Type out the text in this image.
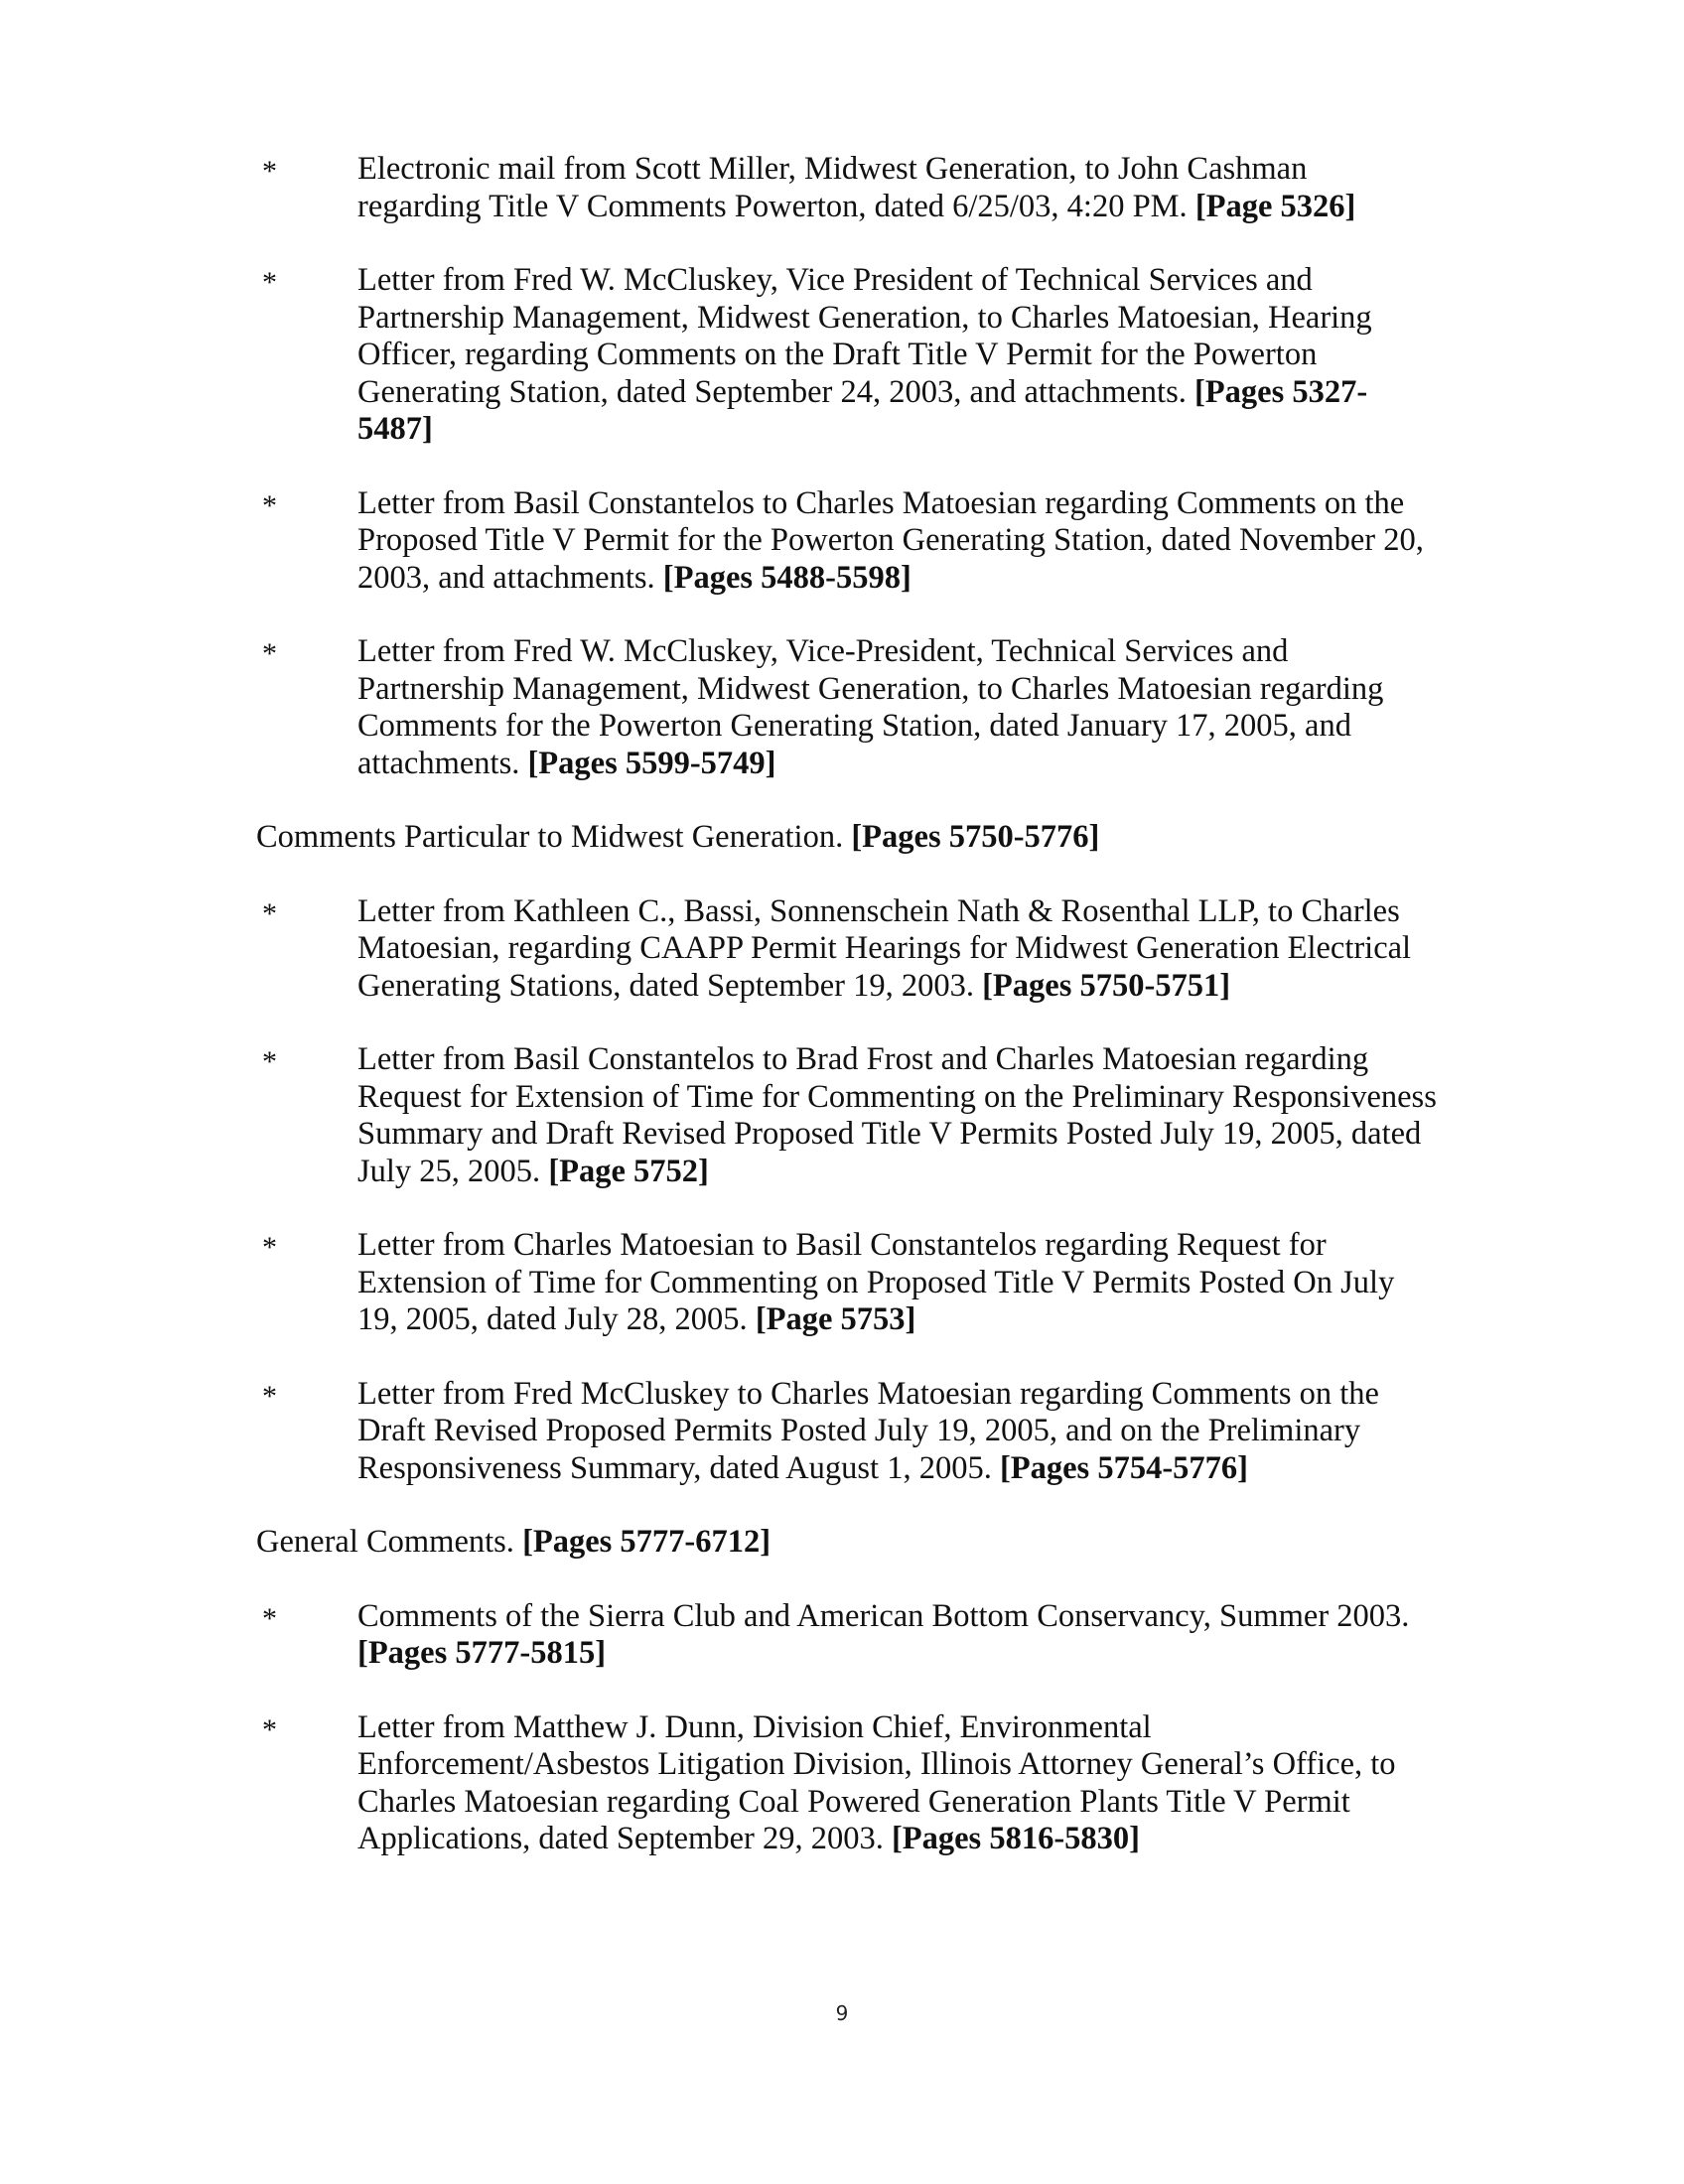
* Electronic mail from Scott Miller, Midwest Generation, to John Cashman regarding Title V Comments Powerton, dated 6/25/03, 4:20 PM. [Page 5326]
* Letter from Fred W. McCluskey, Vice President of Technical Services and Partnership Management, Midwest Generation, to Charles Matoesian, Hearing Officer, regarding Comments on the Draft Title V Permit for the Powerton Generating Station, dated September 24, 2003, and attachments. [Pages 5327-5487]
* Letter from Basil Constantelos to Charles Matoesian regarding Comments on the Proposed Title V Permit for the Powerton Generating Station, dated November 20, 2003, and attachments. [Pages 5488-5598]
* Letter from Fred W. McCluskey, Vice-President, Technical Services and Partnership Management, Midwest Generation, to Charles Matoesian regarding Comments for the Powerton Generating Station, dated January 17, 2005, and attachments. [Pages 5599-5749]
Comments Particular to Midwest Generation. [Pages 5750-5776]
* Letter from Kathleen C., Bassi, Sonnenschein Nath & Rosenthal LLP, to Charles Matoesian, regarding CAAPP Permit Hearings for Midwest Generation Electrical Generating Stations, dated September 19, 2003. [Pages 5750-5751]
* Letter from Basil Constantelos to Brad Frost and Charles Matoesian regarding Request for Extension of Time for Commenting on the Preliminary Responsiveness Summary and Draft Revised Proposed Title V Permits Posted July 19, 2005, dated July 25, 2005. [Page 5752]
* Letter from Charles Matoesian to Basil Constantelos regarding Request for Extension of Time for Commenting on Proposed Title V Permits Posted On July 19, 2005, dated July 28, 2005. [Page 5753]
* Letter from Fred McCluskey to Charles Matoesian regarding Comments on the Draft Revised Proposed Permits Posted July 19, 2005, and on the Preliminary Responsiveness Summary, dated August 1, 2005. [Pages 5754-5776]
General Comments. [Pages 5777-6712]
* Comments of the Sierra Club and American Bottom Conservancy, Summer 2003. [Pages 5777-5815]
* Letter from Matthew J. Dunn, Division Chief, Environmental Enforcement/Asbestos Litigation Division, Illinois Attorney General’s Office, to Charles Matoesian regarding Coal Powered Generation Plants Title V Permit Applications, dated September 29, 2003. [Pages 5816-5830]
9
